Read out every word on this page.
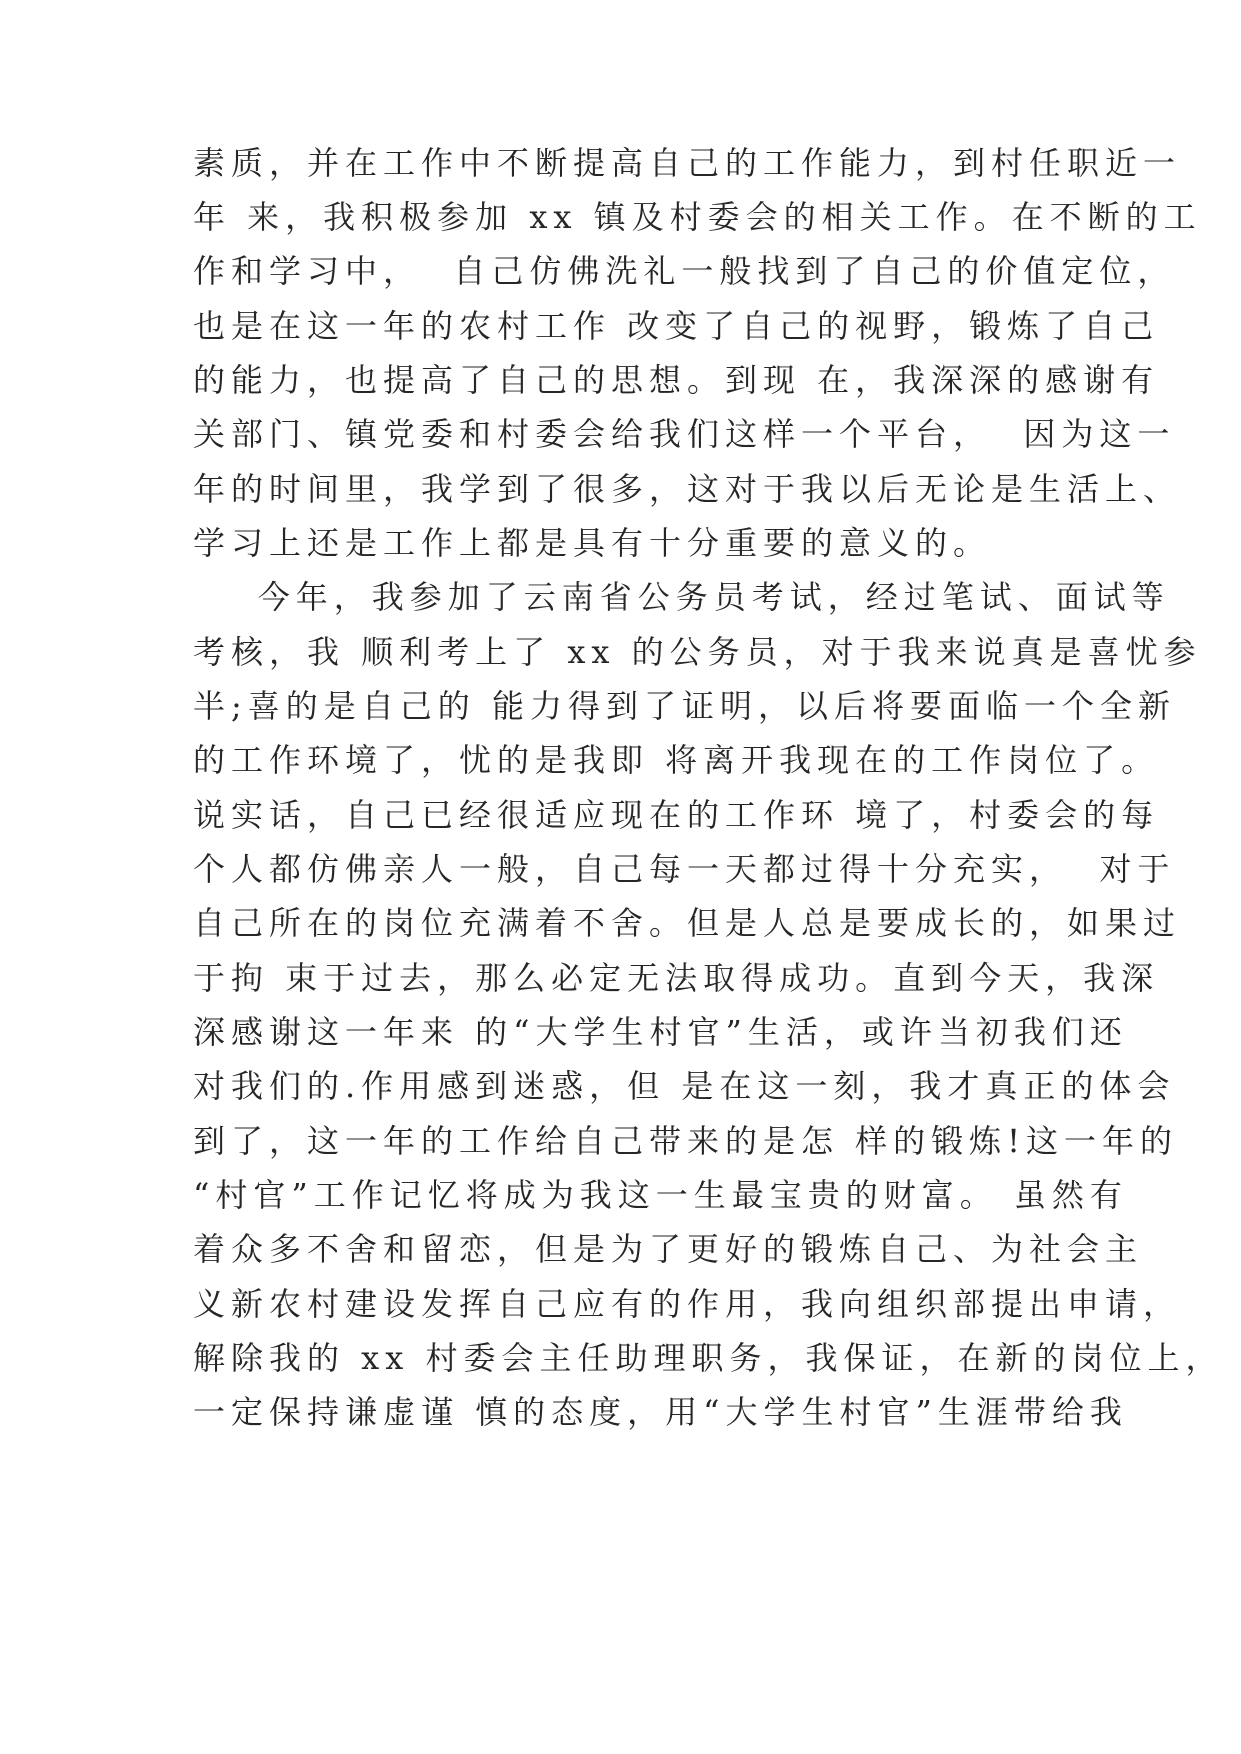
素质，并在工作中不断提高自己的工作能力，到村任职近一
年 来，我积极参加 xx 镇及村委会的相关工作。在不断的工
作和学习中，  自己仿佛洗礼一般找到了自己的价值定位，
也是在这一年的农村工作 改变了自己的视野，锻炼了自己
的能力，也提高了自己的思想。到现 在，我深深的感谢有
关部门、镇党委和村委会给我们这样一个平台，  因为这一
年的时间里，我学到了很多，这对于我以后无论是生活上、
学习上还是工作上都是具有十分重要的意义的。
今年，我参加了云南省公务员考试，经过笔试、面试等
考核，我 顺利考上了 xx 的公务员，对于我来说真是喜忧参
半;喜的是自己的 能力得到了证明，以后将要面临一个全新
的工作环境了，忧的是我即 将离开我现在的工作岗位了。
说实话，自己已经很适应现在的工作环 境了，村委会的每
个人都仿佛亲人一般，自己每一天都过得十分充实，  对于
自己所在的岗位充满着不舍。但是人总是要成长的，如果过
于拘 束于过去，那么必定无法取得成功。直到今天，我深
深感谢这一年来 的“大学生村官”生活，或许当初我们还
对我们的.作用感到迷惑，但 是在这一刻，我才真正的体会
到了，这一年的工作给自己带来的是怎 样的锻炼!这一年的
“村官”工作记忆将成为我这一生最宝贵的财富。 虽然有
着众多不舍和留恋，但是为了更好的锻炼自己、为社会主
义新农村建设发挥自己应有的作用，我向组织部提出申请，
解除我的 xx 村委会主任助理职务，我保证，在新的岗位上，
一定保持谦虚谨 慎的态度，用“大学生村官”生涯带给我
